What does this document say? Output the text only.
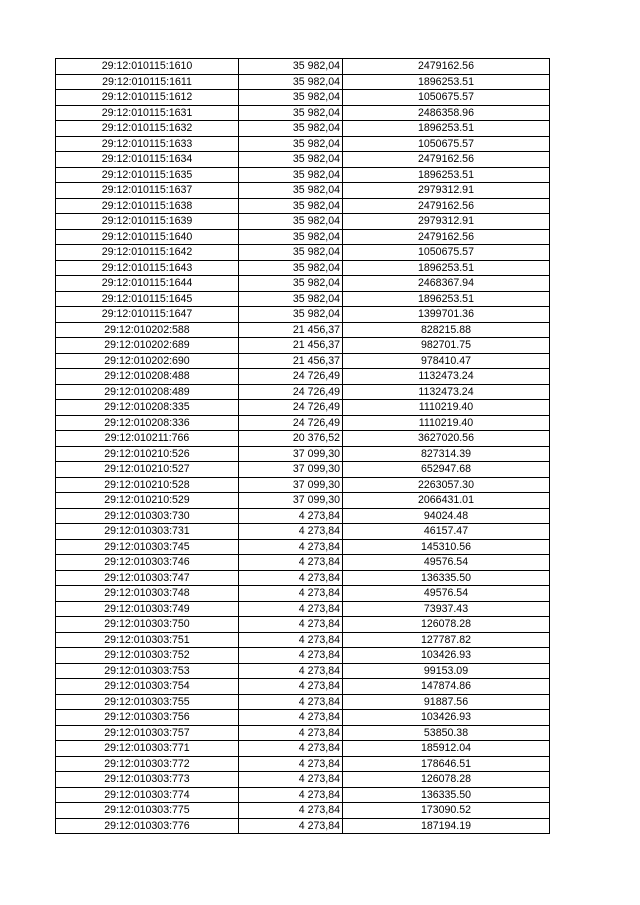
29:12:010115:1610	35 982,04	2479162.56
29:12:010115:1611	35 982,04	1896253.51
29:12:010115:1612	35 982,04	1050675.57
29:12:010115:1631	35 982,04	2486358.96
29:12:010115:1632	35 982,04	1896253.51
29:12:010115:1633	35 982,04	1050675.57
29:12:010115:1634	35 982,04	2479162.56
29:12:010115:1635	35 982,04	1896253.51
29:12:010115:1637	35 982,04	2979312.91
29:12:010115:1638	35 982,04	2479162.56
29:12:010115:1639	35 982,04	2979312.91
29:12:010115:1640	35 982,04	2479162.56
29:12:010115:1642	35 982,04	1050675.57
29:12:010115:1643	35 982,04	1896253.51
29:12:010115:1644	35 982,04	2468367.94
29:12:010115:1645	35 982,04	1896253.51
29:12:010115:1647	35 982,04	1399701.36
29:12:010202:588	21 456,37	828215.88
29:12:010202:689	21 456,37	982701.75
29:12:010202:690	21 456,37	978410.47
29:12:010208:488	24 726,49	1132473.24
29:12:010208:489	24 726,49	1132473.24
29:12:010208:335	24 726,49	1110219.40
29:12:010208:336	24 726,49	1110219.40
29:12:010211:766	20 376,52	3627020.56
29:12:010210:526	37 099,30	827314.39
29:12:010210:527	37 099,30	652947.68
29:12:010210:528	37 099,30	2263057.30
29:12:010210:529	37 099,30	2066431.01
29:12:010303:730	4 273,84	94024.48
29:12:010303:731	4 273,84	46157.47
29:12:010303:745	4 273,84	145310.56
29:12:010303:746	4 273,84	49576.54
29:12:010303:747	4 273,84	136335.50
29:12:010303:748	4 273,84	49576.54
29:12:010303:749	4 273,84	73937.43
29:12:010303:750	4 273,84	126078.28
29:12:010303:751	4 273,84	127787.82
29:12:010303:752	4 273,84	103426.93
29:12:010303:753	4 273,84	99153.09
29:12:010303:754	4 273,84	147874.86
29:12:010303:755	4 273,84	91887.56
29:12:010303:756	4 273,84	103426.93
29:12:010303:757	4 273,84	53850.38
29:12:010303:771	4 273,84	185912.04
29:12:010303:772	4 273,84	178646.51
29:12:010303:773	4 273,84	126078.28
29:12:010303:774	4 273,84	136335.50
29:12:010303:775	4 273,84	173090.52
29:12:010303:776	4 273,84	187194.19
